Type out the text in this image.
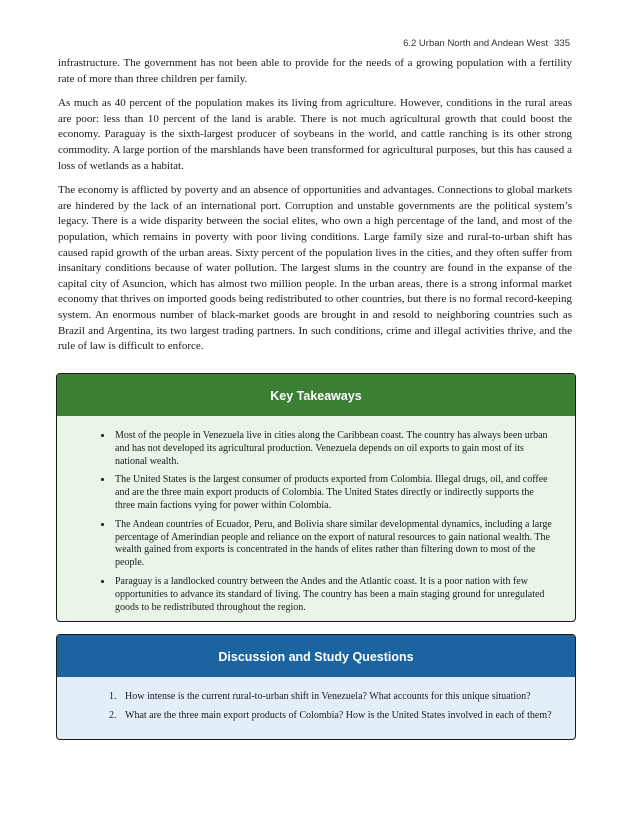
6.2 Urban North and Andean West 335

infrastructure. The government has not been able to provide for the needs of a growing population with a fertility rate of more than three children per family.

As much as 40 percent of the population makes its living from agriculture. However, conditions in the rural areas are poor: less than 10 percent of the land is arable. There is not much agricultural growth that could boost the economy. Paraguay is the sixth-largest producer of soybeans in the world, and cattle ranching is its other strong commodity. A large portion of the marshlands have been transformed for agricultural purposes, but this has caused a loss of wetlands as a habitat.

The economy is afflicted by poverty and an absence of opportunities and advantages. Connections to global markets are hindered by the lack of an international port. Corruption and unstable governments are the political system’s legacy. There is a wide disparity between the social elites, who own a high percentage of the land, and most of the population, which remains in poverty with poor living conditions. Large family size and rural-to-urban shift has caused rapid growth of the urban areas. Sixty percent of the population lives in the cities, and they often suffer from insanitary conditions because of water pollution. The largest slums in the country are found in the expanse of the capital city of Asuncion, which has almost two million people. In the urban areas, there is a strong informal market economy that thrives on imported goods being redistributed to other countries, but there is no formal record-keeping system. An enormous number of black-market goods are brought in and resold to neighboring countries such as Brazil and Argentina, its two largest trading partners. In such conditions, crime and illegal activities thrive, and the rule of law is difficult to enforce.

Key Takeaways
• Most of the people in Venezuela live in cities along the Caribbean coast. The country has always been urban and has not developed its agricultural production. Venezuela depends on oil exports to gain most of its national wealth.
• The United States is the largest consumer of products exported from Colombia. Illegal drugs, oil, and coffee and are the three main export products of Colombia. The United States directly or indirectly supports the three main factions vying for power within Colombia.
• The Andean countries of Ecuador, Peru, and Bolivia share similar developmental dynamics, including a large percentage of Amerindian people and reliance on the export of natural resources to gain national wealth. The wealth gained from exports is concentrated in the hands of elites rather than filtering down to most of the people.
• Paraguay is a landlocked country between the Andes and the Atlantic coast. It is a poor nation with few opportunities to advance its standard of living. The country has been a main staging ground for unregulated goods to be redistributed throughout the region.
Discussion and Study Questions
1. How intense is the current rural-to-urban shift in Venezuela? What accounts for this unique situation?
2. What are the three main export products of Colombia? How is the United States involved in each of them?
